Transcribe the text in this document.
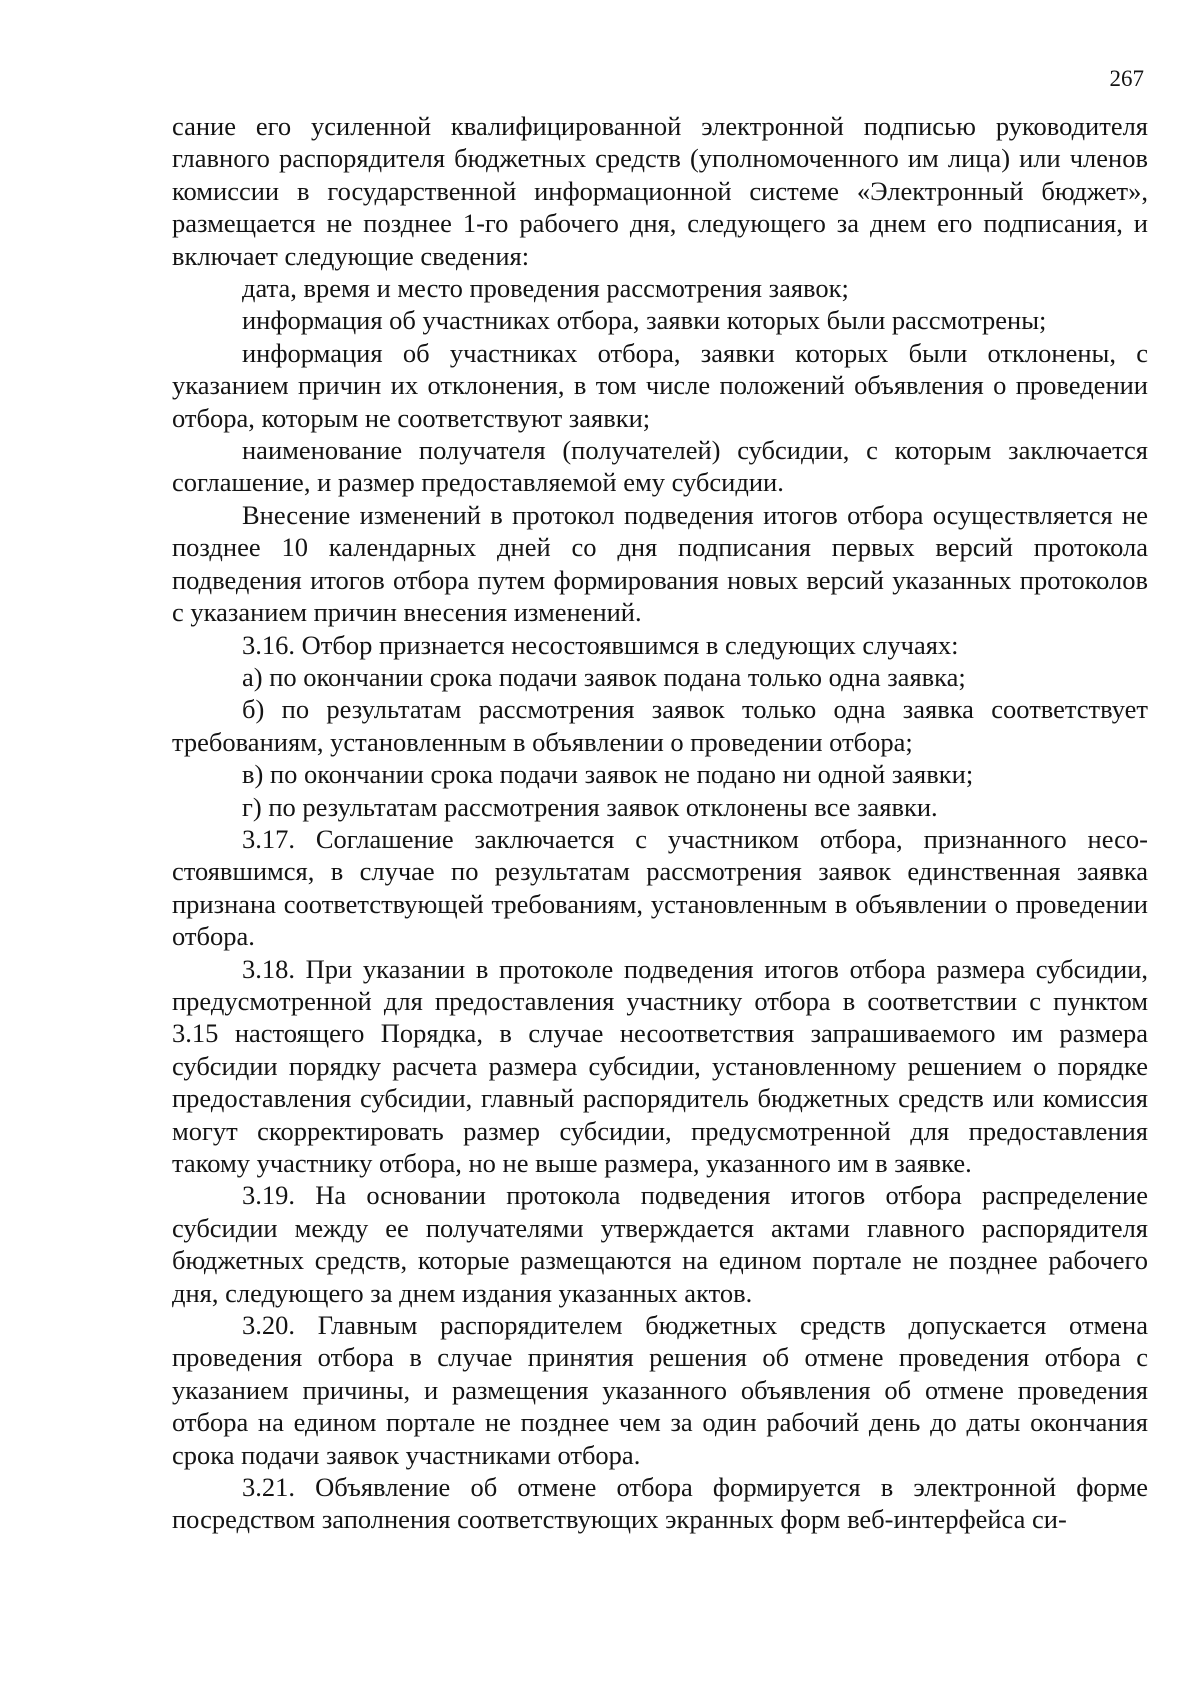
267

сание его усиленной квалифицированной электронной подписью руководителя главного распорядителя бюджетных средств (уполномоченного им лица) или членов комиссии в государственной информационной системе «Электронный бюджет», размещается не позднее 1-го рабочего дня, следующего за днем его подписания, и включает следующие сведения:

дата, время и место проведения рассмотрения заявок;

информация об участниках отбора, заявки которых были рассмотрены;

информация об участниках отбора, заявки которых были отклонены, с указанием причин их отклонения, в том числе положений объявления о проведении отбора, которым не соответствуют заявки;

наименование получателя (получателей) субсидии, с которым заключается соглашение, и размер предоставляемой ему субсидии.

Внесение изменений в протокол подведения итогов отбора осуществляется не позднее 10 календарных дней со дня подписания первых версий протокола подведения итогов отбора путем формирования новых версий указанных протоколов с указанием причин внесения изменений.

3.16. Отбор признается несостоявшимся в следующих случаях:

а) по окончании срока подачи заявок подана только одна заявка;

б) по результатам рассмотрения заявок только одна заявка соответствует требованиям, установленным в объявлении о проведении отбора;

в) по окончании срока подачи заявок не подано ни одной заявки;

г) по результатам рассмотрения заявок отклонены все заявки.

3.17. Соглашение заключается с участником отбора, признанного несостоявшимся, в случае по результатам рассмотрения заявок единственная заявка признана соответствующей требованиям, установленным в объявлении о проведении отбора.

3.18. При указании в протоколе подведения итогов отбора размера субсидии, предусмотренной для предоставления участнику отбора в соответствии с пунктом 3.15 настоящего Порядка, в случае несоответствия запрашиваемого им размера субсидии порядку расчета размера субсидии, установленному решением о порядке предоставления субсидии, главный распорядитель бюджетных средств или комиссия могут скорректировать размер субсидии, предусмотренной для предоставления такому участнику отбора, но не выше размера, указанного им в заявке.

3.19. На основании протокола подведения итогов отбора распределение субсидии между ее получателями утверждается актами главного распорядителя бюджетных средств, которые размещаются на едином портале не позднее рабочего дня, следующего за днем издания указанных актов.

3.20. Главным распорядителем бюджетных средств допускается отмена проведения отбора в случае принятия решения об отмене проведения отбора с указанием причины, и размещения указанного объявления об отмене проведения отбора на едином портале не позднее чем за один рабочий день до даты окончания срока подачи заявок участниками отбора.

3.21. Объявление об отмене отбора формируется в электронной форме посредством заполнения соответствующих экранных форм веб-интерфейса си-
